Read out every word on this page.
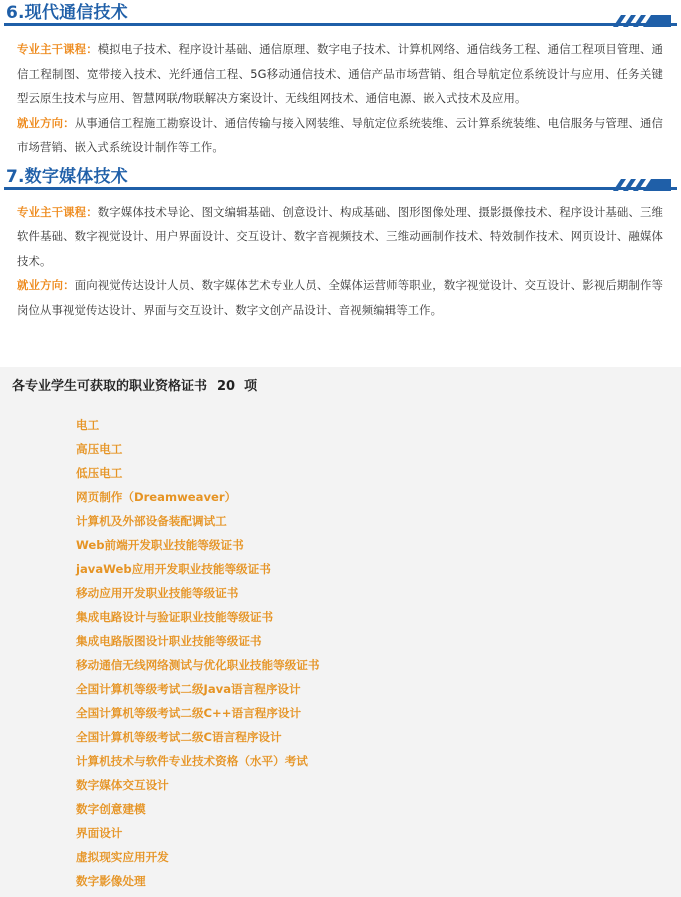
6.现代通信技术

专业主干课程：模拟电子技术、程序设计基础、通信原理、数字电子技术、计算机网络、通信线务工程、通信工程项目管理、通信工程制图、宽带接入技术、光纤通信工程、5G移动通信技术、通信产品市场营销、组合导航定位系统设计与应用、任务关键型云原生技术与应用、智慧网联/物联解决方案设计、无线组网技术、通信电源、嵌入式技术及应用。

就业方向：从事通信工程施工勘察设计、通信传输与接入网装维、导航定位系统装维、云计算系统装维、电信服务与管理、通信市场营销、嵌入式系统设计制作等工作。

7.数字媒体技术

专业主干课程：数字媒体技术导论、图文编辑基础、创意设计、构成基础、图形图像处理、摄影摄像技术、程序设计基础、三维软件基础、数字视觉设计、用户界面设计、交互设计、数字音视频技术、三维动画制作技术、特效制作技术、网页设计、融媒体技术。

就业方向：面向视觉传达设计人员、数字媒体艺术专业人员、全媒体运营师等职业，数字视觉设计、交互设计、影视后期制作等岗位从事视觉传达设计、界面与交互设计、数字文创产品设计、音视频编辑等工作。

各专业学生可获取的职业资格证书 20 项
电工
高压电工
低压电工
网页制作（Dreamweaver）
计算机及外部设备装配调试工
Web前端开发职业技能等级证书
javaWeb应用开发职业技能等级证书
移动应用开发职业技能等级证书
集成电路设计与验证职业技能等级证书
集成电路版图设计职业技能等级证书
移动通信无线网络测试与优化职业技能等级证书
全国计算机等级考试二级Java语言程序设计
全国计算机等级考试二级C++语言程序设计
全国计算机等级考试二级C语言程序设计
计算机技术与软件专业技术资格（水平）考试
数字媒体交互设计
数字创意建模
界面设计
虚拟现实应用开发
数字影像处理
